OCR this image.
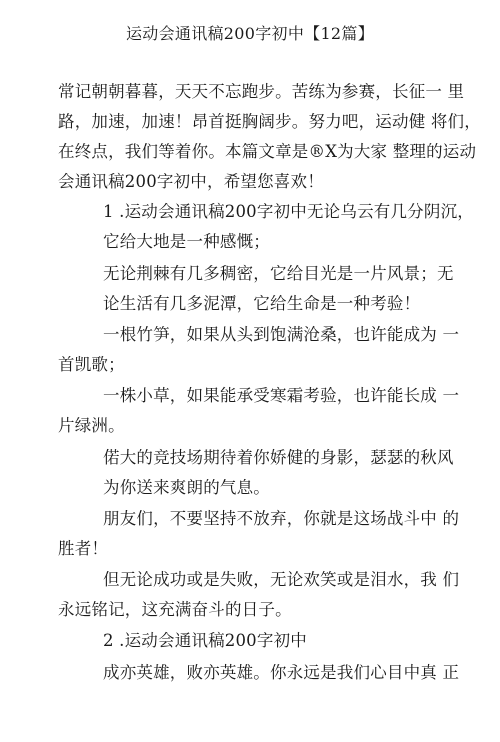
运动会通讯稿200字初中【12篇】
常记朝朝暮暮，天天不忘跑步。苦练为参赛，长征一 里
路，加速，加速！昂首挺胸阔步。努力吧，运动健 将们，
在终点，我们等着你。本篇文章是®X为大家 整理的运动
会通讯稿200字初中，希望您喜欢！
1 .运动会通讯稿200字初中无论乌云有几分阴沉，
它给大地是一种感慨；
无论荆棘有几多稠密，它给目光是一片风景；无
论生活有几多泥潭，它给生命是一种考验！
一根竹笋，如果从头到饱满沧桑，也许能成为 一
首凯歌；
一株小草，如果能承受寒霜考验，也许能长成 一
片绿洲。
偌大的竞技场期待着你娇健的身影，瑟瑟的秋风
为你送来爽朗的气息。
朋友们，不要坚持不放弃，你就是这场战斗中 的
胜者！
但无论成功或是失败，无论欢笑或是泪水，我 们
永远铭记，这充满奋斗的日子。
2 .运动会通讯稿200字初中
成亦英雄，败亦英雄。你永远是我们心目中真 正
